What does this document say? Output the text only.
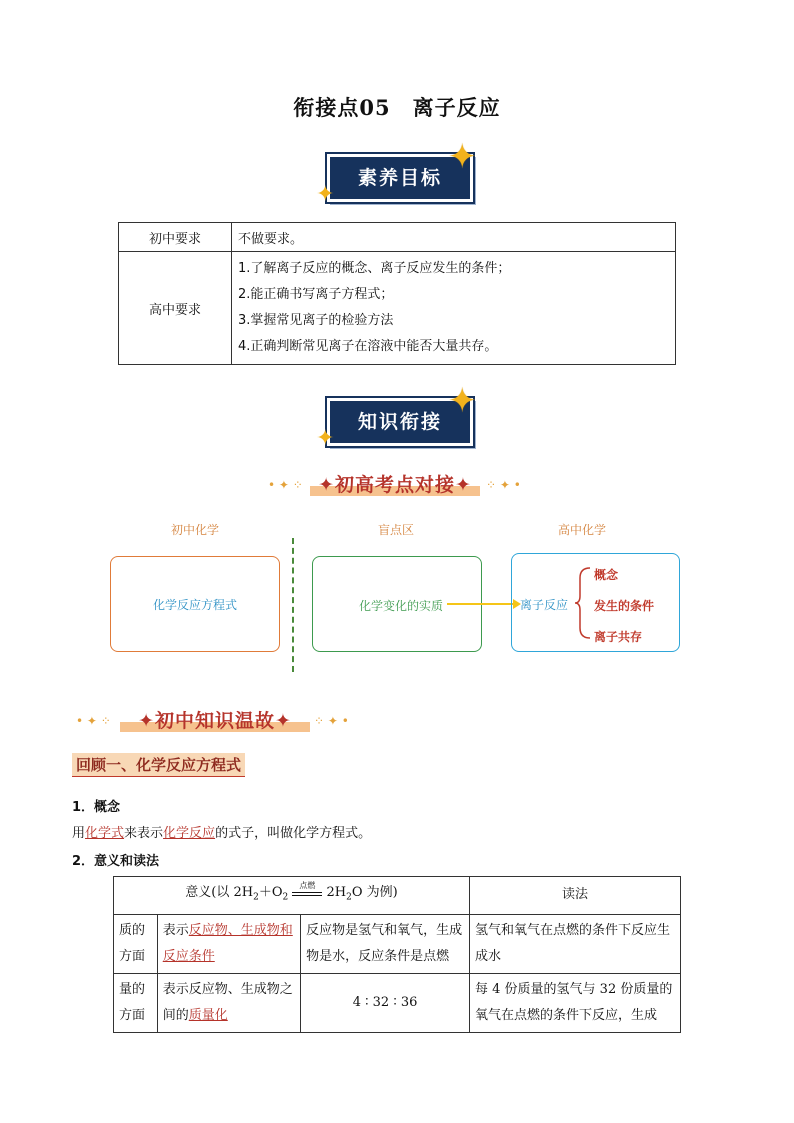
衔接点05　离子反应
素养目标
✦
✦
初中要求	不做要求。
高中要求	1.了解离子反应的概念、离子反应发生的条件；
2.能正确书写离子方程式；
3.掌握常见离子的检验方法
4.正确判断常见离子在溶液中能否大量共存。
知识衔接
✦
✦
• ✦ ⁘ ✦初高考点对接✦	⁘ ✦ •
初中化学	盲点区	高中化学
化学反应方程式	化学变化的实质	离子反应
概念
发生的条件
离子共存
• ✦ ⁘	✦初中知识温故✦	⁘ ✦ •
回顾一、化学反应方程式
1．概念
用化学式来表示化学反应的式子，叫做化学方程式。
2．意义和读法
意义(以 $2H_2+O_2$
点燃 $2H_2O$ 为例)			读法
质的方面	表示反应物、生成物和反应条件	反应物是氢气和氧气，生成物是水，反应条件是点燃	氢气和氧气在点燃的条件下反应生成水
量的方面	表示反应物、生成物之间的质量化	4 ∶ 32 ∶ 36	每 4 份质量的氢气与 32 份质量的氧气在点燃的条件下反应，生成
